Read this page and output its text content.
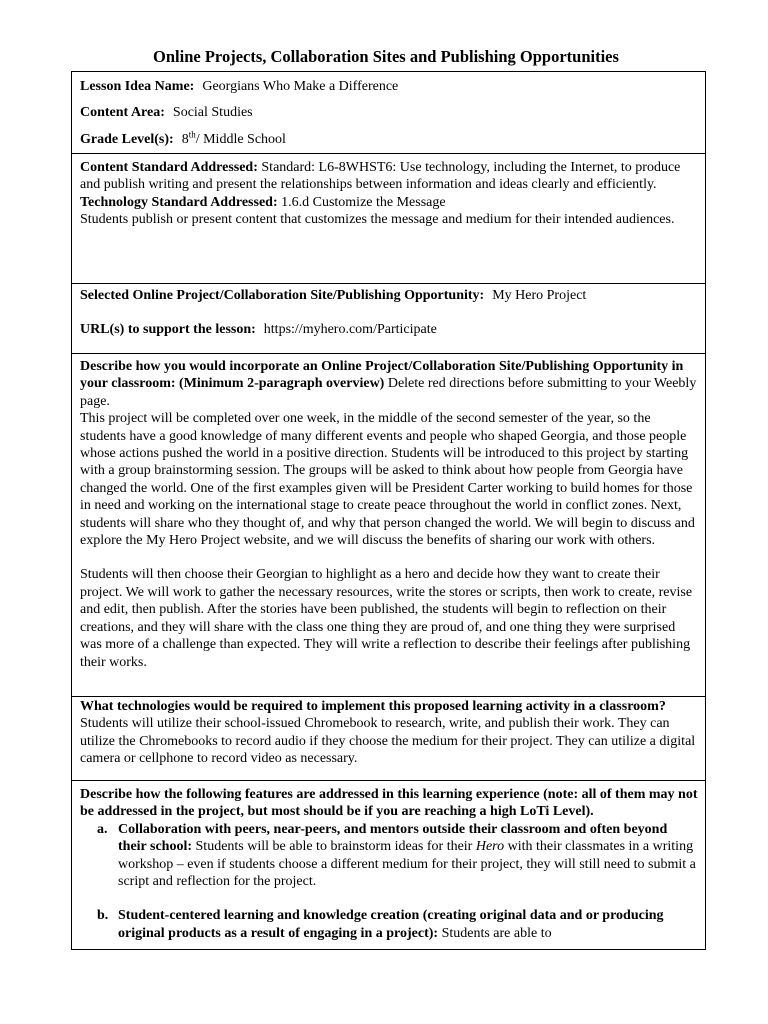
Online Projects, Collaboration Sites and Publishing Opportunities

Lesson Idea Name: Georgians Who Make a Difference

Content Area: Social Studies

Grade Level(s): 8th/ Middle School

Content Standard Addressed: Standard: L6-8WHST6: Use technology, including the Internet, to produce and publish writing and present the relationships between information and ideas clearly and efficiently.

Technology Standard Addressed: 1.6.d Customize the Message

Students publish or present content that customizes the message and medium for their intended audiences.

Selected Online Project/Collaboration Site/Publishing Opportunity: My Hero Project

URL(s) to support the lesson: https://myhero.com/Participate

Describe how you would incorporate an Online Project/Collaboration Site/Publishing Opportunity in your classroom: (Minimum 2-paragraph overview) Delete red directions before submitting to your Weebly page.

This project will be completed over one week, in the middle of the second semester of the year, so the students have a good knowledge of many different events and people who shaped Georgia, and those people whose actions pushed the world in a positive direction. Students will be introduced to this project by starting with a group brainstorming session. The groups will be asked to think about how people from Georgia have changed the world. One of the first examples given will be President Carter working to build homes for those in need and working on the international stage to create peace throughout the world in conflict zones. Next, students will share who they thought of, and why that person changed the world. We will begin to discuss and explore the My Hero Project website, and we will discuss the benefits of sharing our work with others.

Students will then choose their Georgian to highlight as a hero and decide how they want to create their project. We will work to gather the necessary resources, write the stores or scripts, then work to create, revise and edit, then publish. After the stories have been published, the students will begin to reflection on their creations, and they will share with the class one thing they are proud of, and one thing they were surprised was more of a challenge than expected. They will write a reflection to describe their feelings after publishing their works.

What technologies would be required to implement this proposed learning activity in a classroom? Students will utilize their school-issued Chromebook to research, write, and publish their work. They can utilize the Chromebooks to record audio if they choose the medium for their project. They can utilize a digital camera or cellphone to record video as necessary.

Describe how the following features are addressed in this learning experience (note: all of them may not be addressed in the project, but most should be if you are reaching a high LoTi Level).

a. Collaboration with peers, near-peers, and mentors outside their classroom and often beyond their school: Students will be able to brainstorm ideas for their Hero with their classmates in a writing workshop – even if students choose a different medium for their project, they will still need to submit a script and reflection for the project.

b. Student-centered learning and knowledge creation (creating original data and or producing original products as a result of engaging in a project): Students are able to
